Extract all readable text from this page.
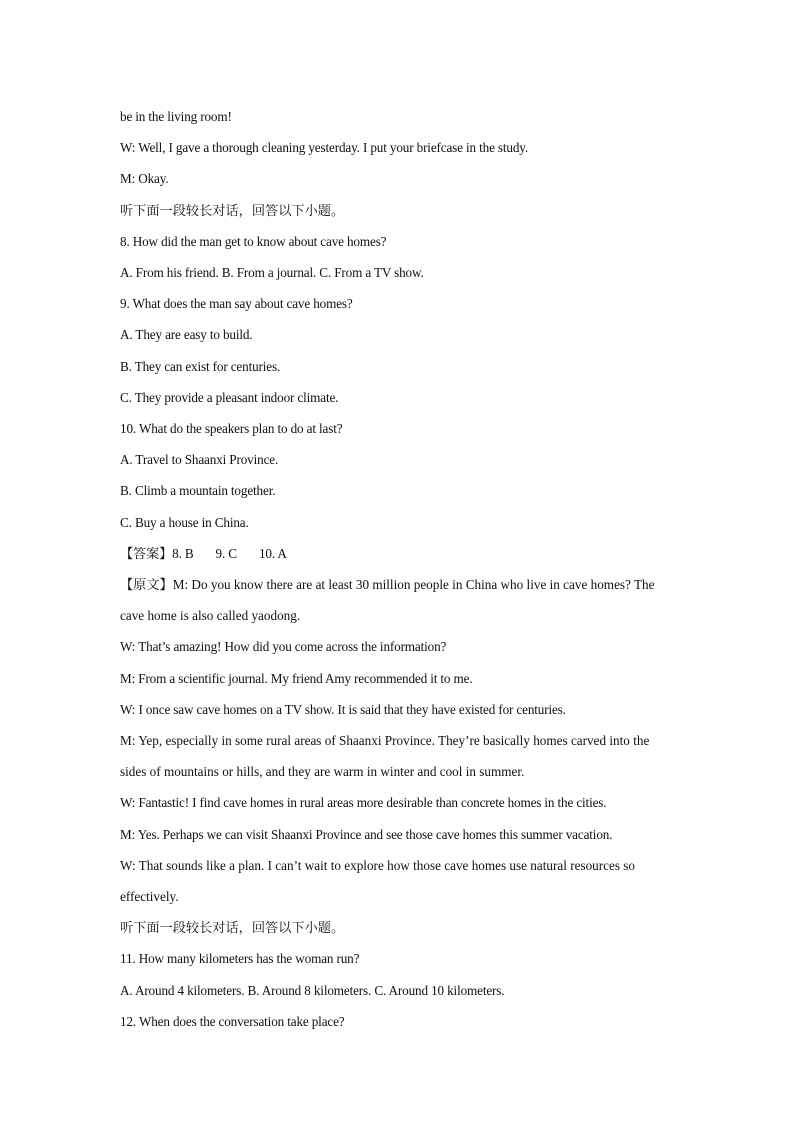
be in the living room!
W: Well, I gave a thorough cleaning yesterday. I put your briefcase in the study.
M: Okay.
听下面一段较长对话，回答以下小题。
8. How did the man get to know about cave homes?
A. From his friend. B. From a journal. C. From a TV show.
9. What does the man say about cave homes?
A. They are easy to build.
B. They can exist for centuries.
C. They provide a pleasant indoor climate.
10. What do the speakers plan to do at last?
A. Travel to Shaanxi Province.
B. Climb a mountain together.
C. Buy a house in China.
【答案】8. B 9. C 10. A
【原文】M: Do you know there are at least 30 million people in China who live in cave homes? The cave home is also called yaodong.
W: That’s amazing! How did you come across the information?
M: From a scientific journal. My friend Amy recommended it to me.
W: I once saw cave homes on a TV show. It is said that they have existed for centuries.
M: Yep, especially in some rural areas of Shaanxi Province. They’re basically homes carved into the sides of mountains or hills, and they are warm in winter and cool in summer.
W: Fantastic! I find cave homes in rural areas more desirable than concrete homes in the cities.
M: Yes. Perhaps we can visit Shaanxi Province and see those cave homes this summer vacation.
W: That sounds like a plan. I can’t wait to explore how those cave homes use natural resources so effectively.
听下面一段较长对话，回答以下小题。
11. How many kilometers has the woman run?
A. Around 4 kilometers. B. Around 8 kilometers. C. Around 10 kilometers.
12. When does the conversation take place?
